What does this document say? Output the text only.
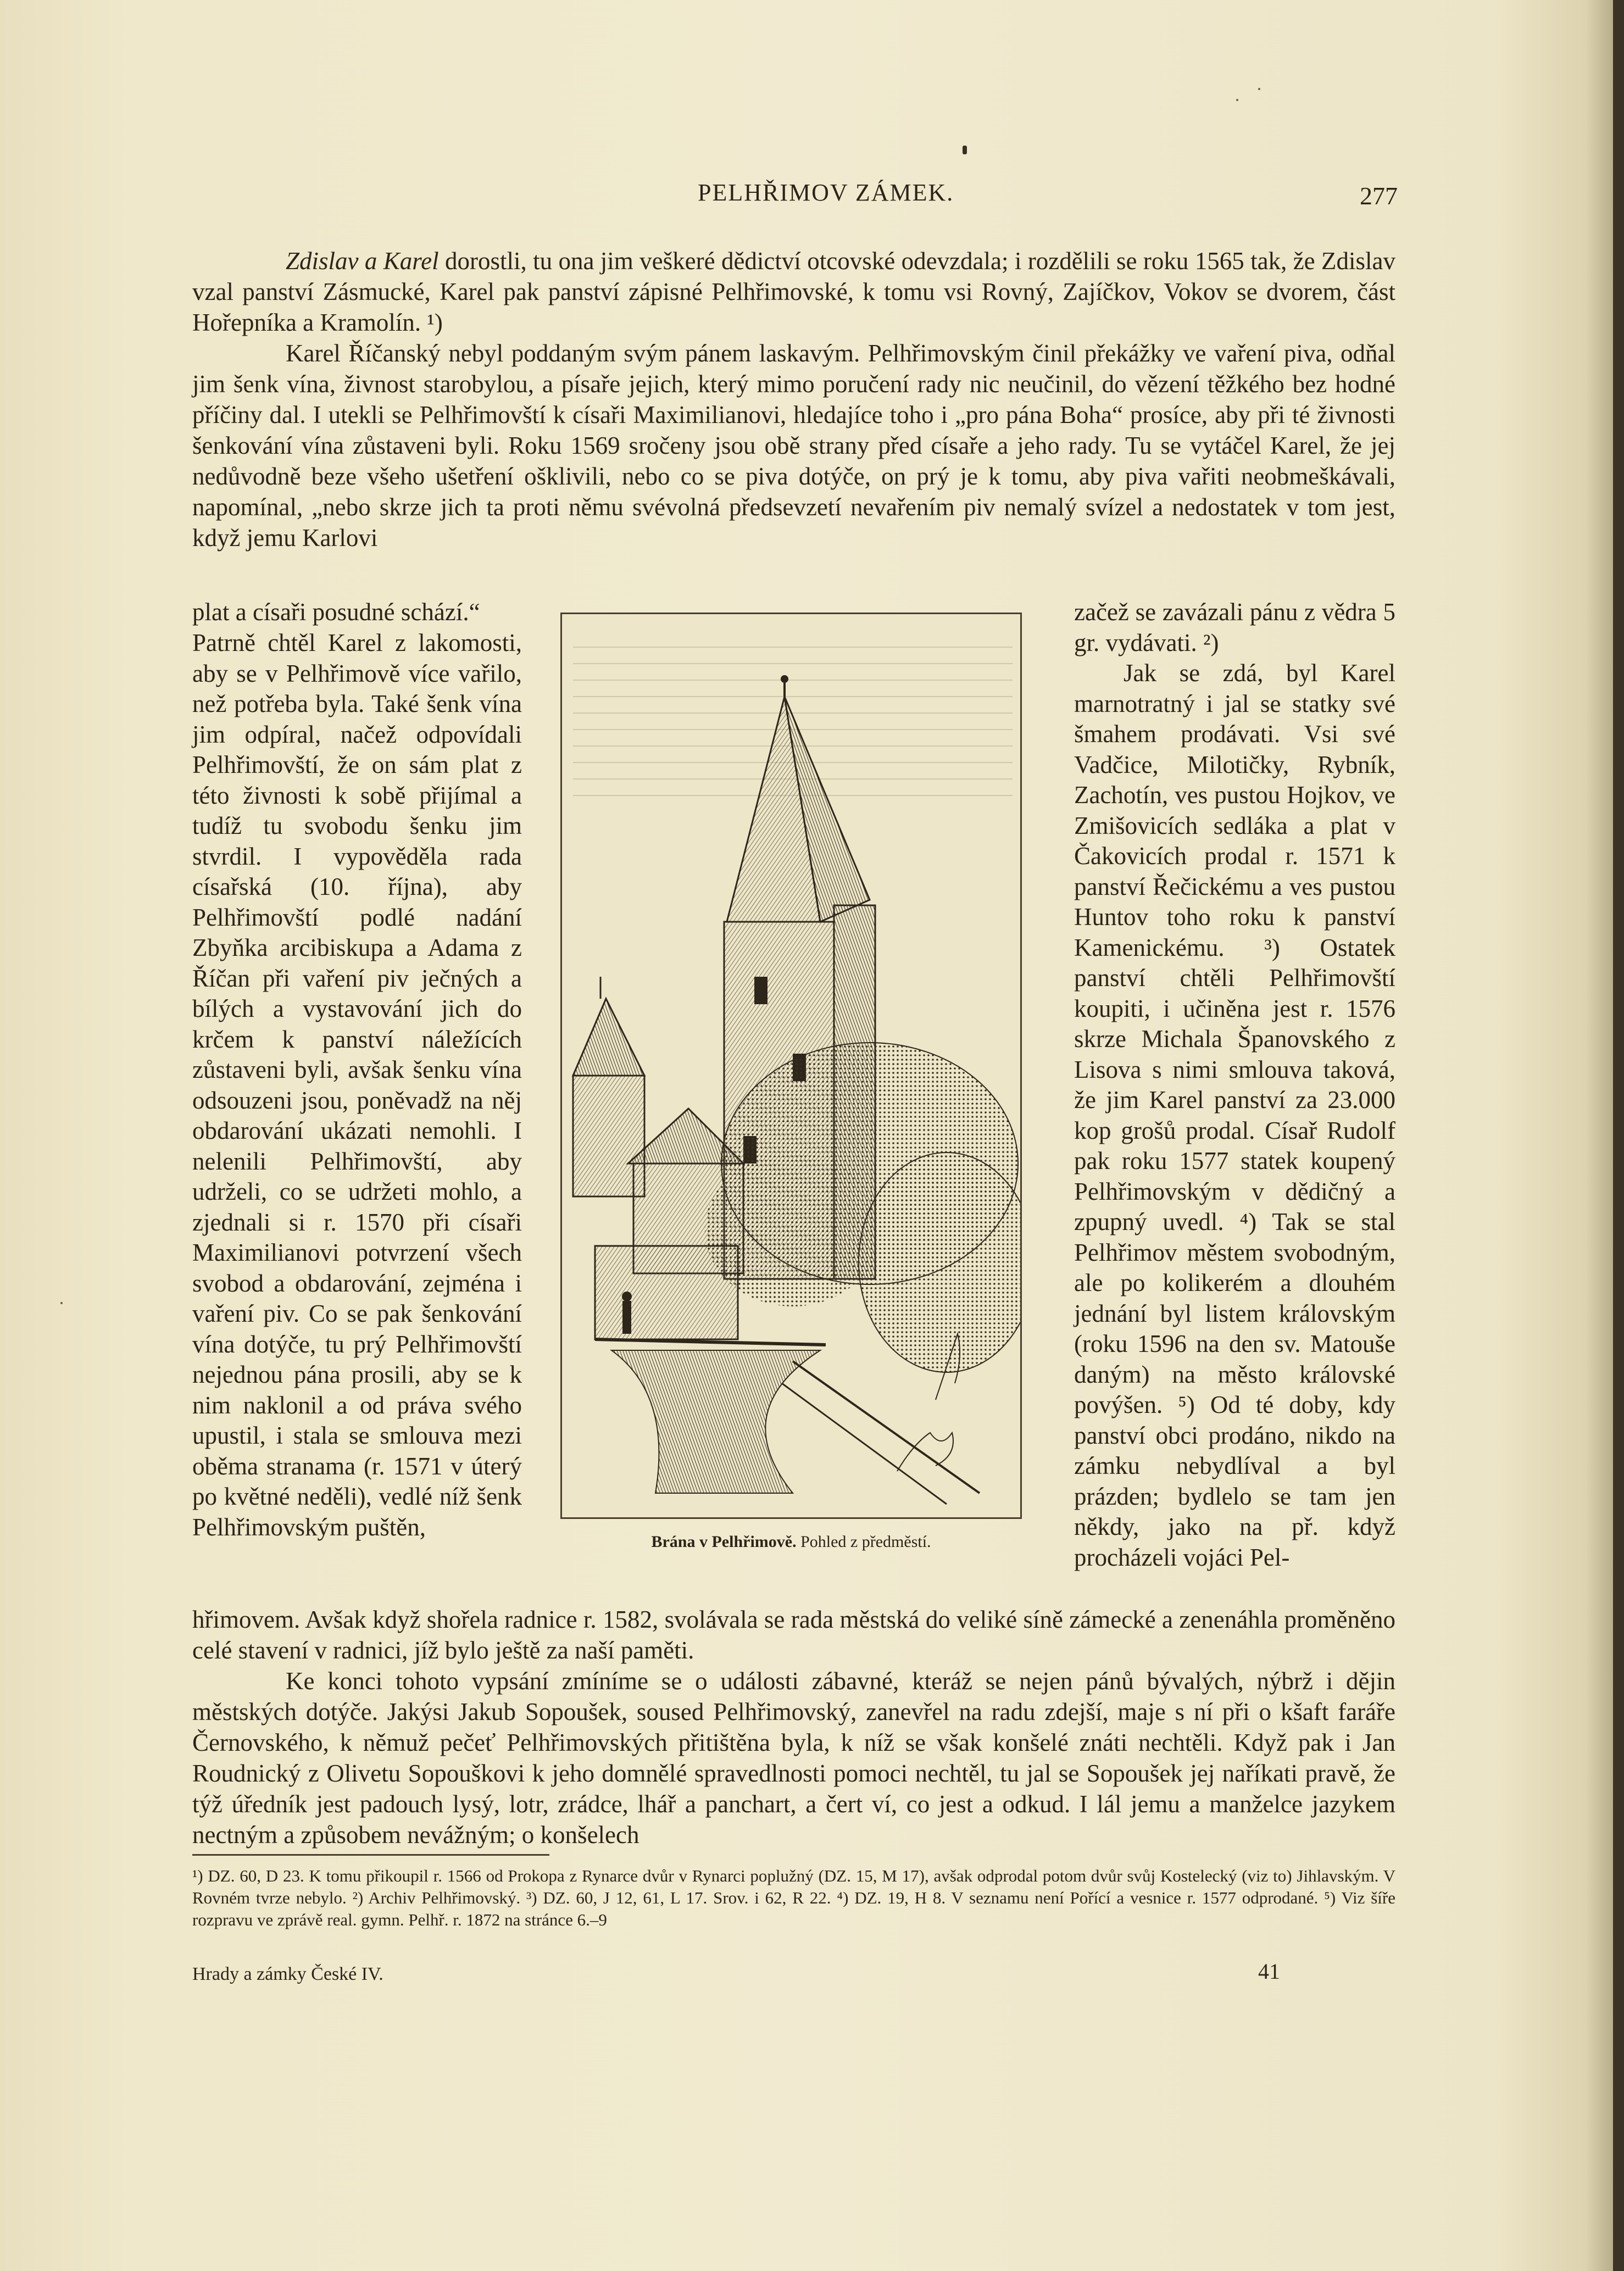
PELHŘIMOV ZÁMEK.	277

Zdislav a Karel dorostli, tu ona jim veškeré dědictví otcovské odevzdala; i rozdělili se roku 1565 tak, že Zdislav vzal panství Zásmucké, Karel pak panství zápisné Pelhřimovské, k tomu vsi Rovný, Zajíčkov, Vokov se dvorem, část Hořepníka a Kramolín. ¹)

Karel Říčanský nebyl poddaným svým pánem laskavým. Pelhřimovským činil překážky ve vaření piva, odňal jim šenk vína, živnost starobylou, a písaře jejich, který mimo poručení rady nic neučinil, do vězení těžkého bez hodné příčiny dal. I utekli se Pelhřimovští k císaři Maximilianovi, hledajíce toho i „pro pána Boha“ prosíce, aby při té živnosti šenkování vína zůstaveni byli. Roku 1569 sročeny jsou obě strany před císaře a jeho rady. Tu se vytáčel Karel, že jej nedůvodně beze všeho ušetření ošklivili, nebo co se piva dotýče, on prý je k tomu, aby piva vařiti neobmeškávali, napomínal, „nebo skrze jich ta proti němu svévolná předsevzetí nevařením piv nemalý svízel a nedostatek v tom jest, když jemu Karlovi

plat a císaři posudné schází.“	začež se zavázali pánu z vědra 5 gr. vydávati. ²)

Jak se zdá, byl Karel marnotratný i jal se statky své šmahem prodávati. Vsi své Vadčice, Milotičky, Rybník, Zachotín, ves pustou Hojkov, ve Zmišovicích sedláka a plat v Čakovicích prodal r. 1571 k panství Řečickému a ves pustou Huntov toho roku k panství Kamenickému. ³) Ostatek panství chtěli Pelhřimovští koupiti, i učiněna jest r. 1576 skrze Michala Španovského z Lisova s nimi smlouva taková, že jim Karel panství za 23.000 kop grošů prodal. Císař Rudolf pak roku 1577 statek koupený Pelhřimovským v dědičný a zpupný uvedl. ⁴) Tak se stal Pelhřimov městem svobodným, ale po kolikerém a dlouhém jednání byl listem královským (roku 1596 na den sv. Matouše daným) na město královské povýšen. ⁵) Od té doby, kdy panství obci prodáno, nikdo na zámku nebydlíval a byl prázden; bydlelo se tam jen někdy, jako na př. když procházeli vojáci Pel-

Patrně chtěl Karel z lakomosti, aby se v Pelhřimově více vařilo, než potřeba byla. Také šenk vína jim odpíral, načež odpovídali Pelhřimovští, že on sám plat z této živnosti k sobě přijímal a tudíž tu svobodu šenku jim stvrdil. I vypověděla rada císařská (10. října), aby Pelhřimovští podlé nadání Zbyňka arcibiskupa a Adama z Říčan při vaření piv ječných a bílých a vystavování jich do krčem k panství náležících zůstaveni byli, avšak šenku vína odsouzeni jsou, poněvadž na něj obdarování ukázati nemohli. I nelenili Pelhřimovští, aby udrželi, co se udržeti mohlo, a zjednali si r. 1570 při císaři Maximilianovi potvrzení všech svobod a obdarování, zejména i vaření piv. Co se pak šenkování vína dotýče, tu prý Pelhřimovští nejednou pána prosili, aby se k nim naklonil a od práva svého upustil, i stala se smlouva mezi oběma stranama (r. 1571 v úterý po květné neděli), vedlé níž šenk Pelhřimovským puštěn,
Brána v Pelhřimově. Pohled z předměstí.

hřimovem. Avšak když shořela radnice r. 1582, svolávala se rada městská do veliké síně zámecké a zenenáhla proměněno celé stavení v radnici, jíž bylo ještě za naší paměti.

Ke konci tohoto vypsání zmíníme se o události zábavné, kteráž se nejen pánů bývalých, nýbrž i dějin městských dotýče. Jakýsi Jakub Sopoušek, soused Pelhřimovský, zanevřel na radu zdejší, maje s ní při o kšaft faráře Černovského, k němuž pečeť Pelhřimovských přitištěna byla, k níž se však konšelé znáti nechtěli. Když pak i Jan Roudnický z Olivetu Sopouškovi k jeho domnělé spravedlnosti pomoci nechtěl, tu jal se Sopoušek jej naříkati pravě, že týž úředník jest padouch lysý, lotr, zrádce, lhář a panchart, a čert ví, co jest a odkud. I lál jemu a manželce jazykem nectným a způsobem nevážným; o konšelech

¹) DZ. 60, D 23. K tomu přikoupil r. 1566 od Prokopa z Rynarce dvůr v Rynarci poplužný (DZ. 15, M 17), avšak odprodal potom dvůr svůj Kostelecký (viz to) Jihlavským. V Rovném tvrze nebylo. ²) Archiv Pelhřimovský. ³) DZ. 60, J 12, 61, L 17. Srov. i 62, R 22. ⁴) DZ. 19, H 8. V seznamu není Pořící a vesnice r. 1577 odprodané. ⁵) Viz šíře rozpravu ve zprávě real. gymn. Pelhř. r. 1872 na stránce 6.–9
Hrady a zámky České IV.	41
